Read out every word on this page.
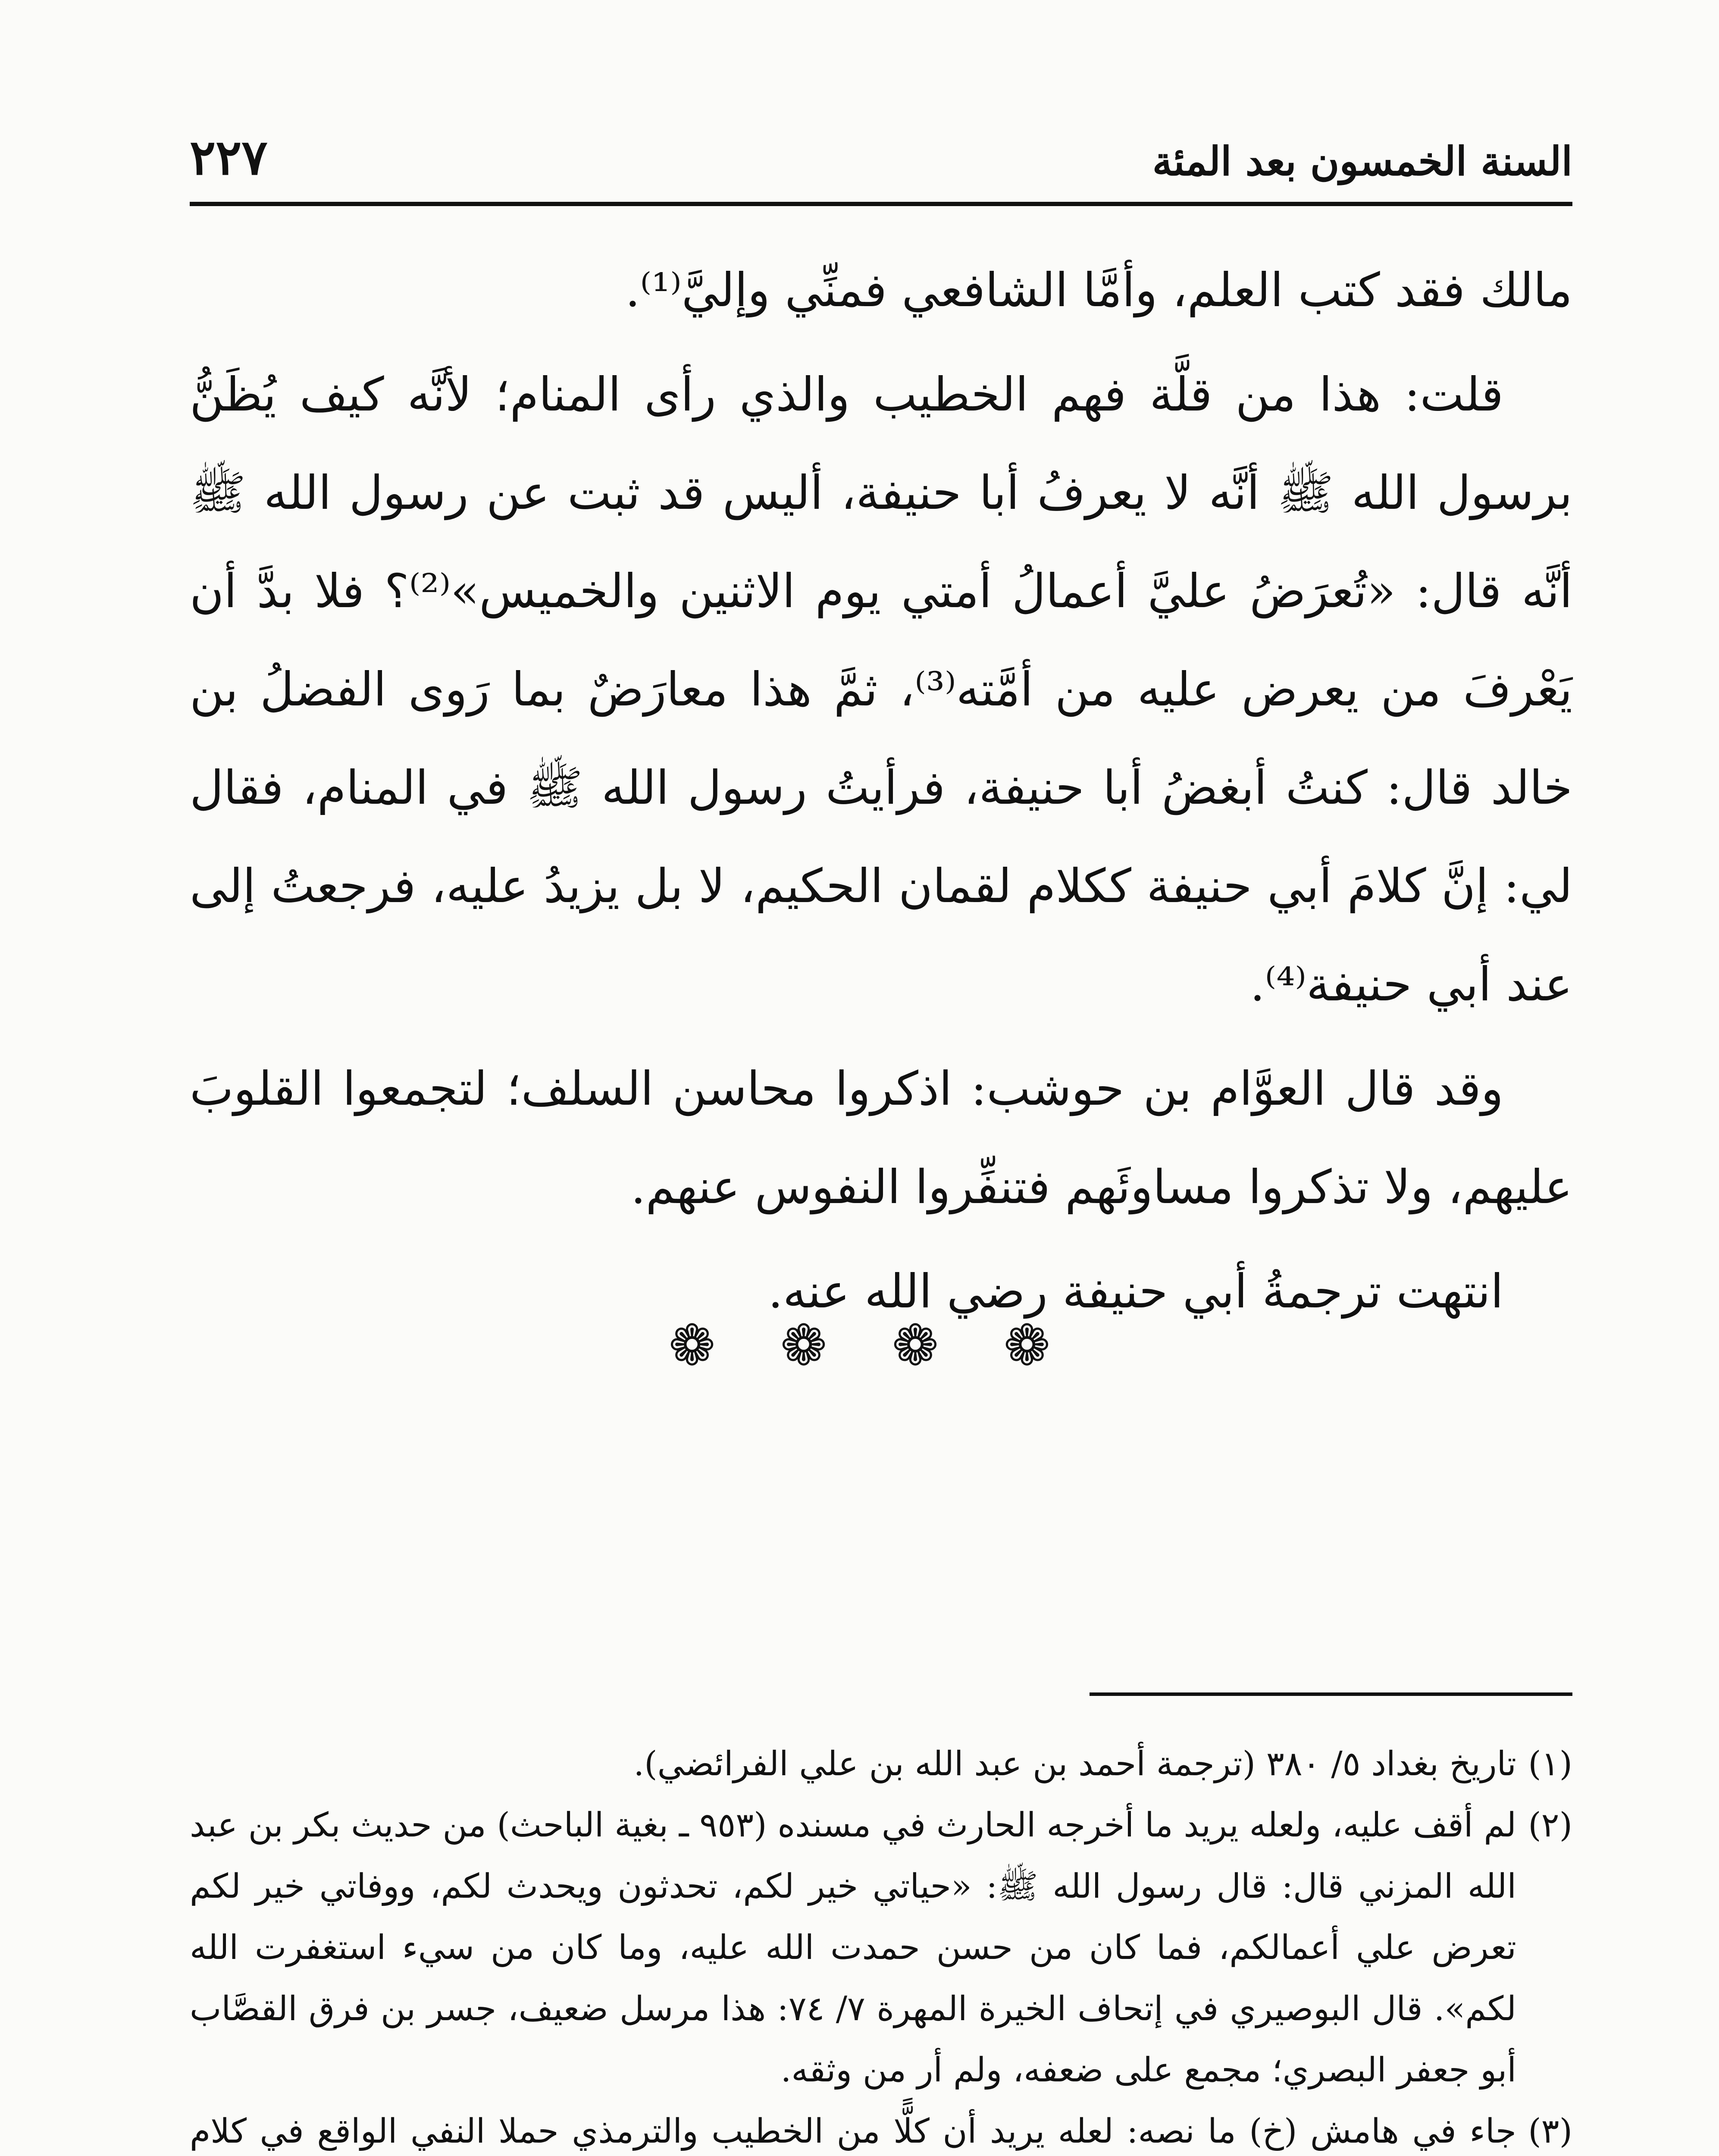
السنة الخمسون بعد المئة
٢٢٧

مالك فقد كتب العلم، وأمَّا الشافعي فمنِّي وإليَّ⁽¹⁾.

قلت: هذا من قلَّة فهم الخطيب والذي رأى المنام؛ لأنَّه كيف يُظَنُّ برسول الله ﷺ أنَّه لا يعرفُ أبا حنيفة، أليس قد ثبت عن رسول الله ﷺ أنَّه قال: «تُعرَضُ عليَّ أعمالُ أمتي يوم الاثنين والخميس»⁽²⁾؟ فلا بدَّ أن يَعْرفَ من يعرض عليه من أمَّته⁽³⁾، ثمَّ هذا معارَضٌ بما رَوى الفضلُ بن خالد قال: كنتُ أبغضُ أبا حنيفة، فرأيتُ رسول الله ﷺ في المنام، فقال لي: إنَّ كلامَ أبي حنيفة ككلام لقمان الحكيم، لا بل يزيدُ عليه، فرجعتُ إلى عند أبي حنيفة⁽⁴⁾.

وقد قال العوَّام بن حوشب: اذكروا محاسن السلف؛ لتجمعوا القلوبَ عليهم، ولا تذكروا مساوئَهم فتنفِّروا النفوس عنهم.

انتهت ترجمةُ أبي حنيفة رضي الله عنه.

❁ ❁ ❁ ❁

(١)
تاريخ بغداد ٥/ ٣٨٠ (ترجمة أحمد بن عبد الله بن علي الفرائضي).

(٢)
لم أقف عليه، ولعله يريد ما أخرجه الحارث في مسنده (٩٥٣ ـ بغية الباحث) من حديث بكر بن عبد الله المزني قال: قال رسول الله ﷺ: «حياتي خير لكم، تحدثون ويحدث لكم، ووفاتي خير لكم تعرض علي أعمالكم، فما كان من حسن حمدت الله عليه، وما كان من سيء استغفرت الله لكم». قال البوصيري في إتحاف الخيرة المهرة ٧/ ٧٤: هذا مرسل ضعيف، جسر بن فرق القصَّاب أبو جعفر البصري؛ مجمع على ضعفه، ولم أر من وثقه.

(٣)
جاء في هامش (خ) ما نصه: لعله يريد أن كلًّا من الخطيب والترمذي حملا النفي الواقع في كلام
